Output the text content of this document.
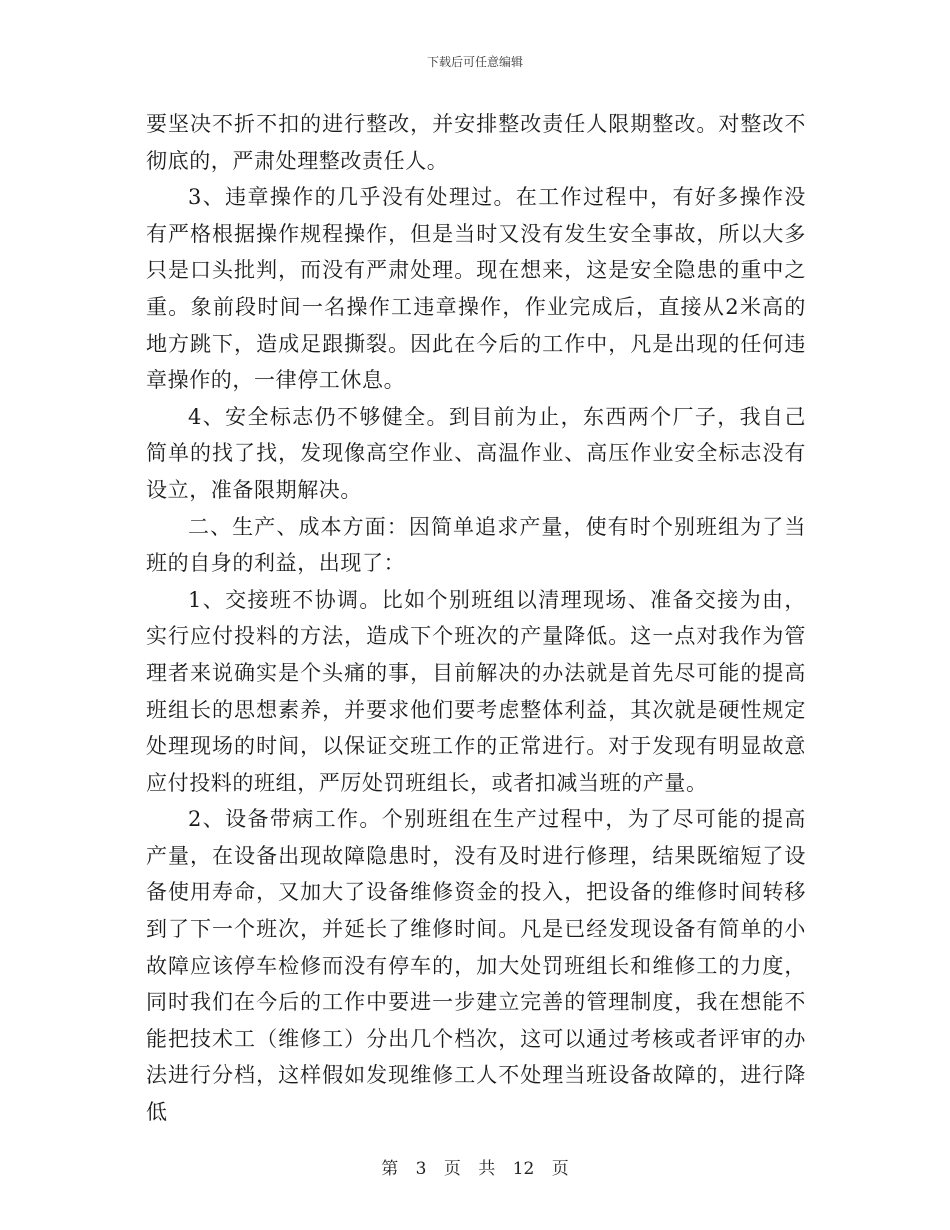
下载后可任意编辑

要坚决不折不扣的进行整改，并安排整改责任人限期整改。对整改不彻底的，严肃处理整改责任人。

3、违章操作的几乎没有处理过。在工作过程中，有好多操作没有严格根据操作规程操作，但是当时又没有发生安全事故，所以大多只是口头批判，而没有严肃处理。现在想来，这是安全隐患的重中之重。象前段时间一名操作工违章操作，作业完成后，直接从2米高的地方跳下，造成足跟撕裂。因此在今后的工作中，凡是出现的任何违章操作的，一律停工休息。

4、安全标志仍不够健全。到目前为止，东西两个厂子，我自己简单的找了找，发现像高空作业、高温作业、高压作业安全标志没有设立，准备限期解决。

二、生产、成本方面：因简单追求产量，使有时个别班组为了当班的自身的利益，出现了：

1、交接班不协调。比如个别班组以清理现场、准备交接为由，实行应付投料的方法，造成下个班次的产量降低。这一点对我作为管理者来说确实是个头痛的事，目前解决的办法就是首先尽可能的提高班组长的思想素养，并要求他们要考虑整体利益，其次就是硬性规定处理现场的时间，以保证交班工作的正常进行。对于发现有明显故意应付投料的班组，严厉处罚班组长，或者扣减当班的产量。

2、设备带病工作。个别班组在生产过程中，为了尽可能的提高产量，在设备出现故障隐患时，没有及时进行修理，结果既缩短了设备使用寿命，又加大了设备维修资金的投入，把设备的维修时间转移到了下一个班次，并延长了维修时间。凡是已经发现设备有简单的小故障应该停车检修而没有停车的，加大处罚班组长和维修工的力度，同时我们在今后的工作中要进一步建立完善的管理制度，我在想能不能把技术工（维修工）分出几个档次，这可以通过考核或者评审的办法进行分档，这样假如发现维修工人不处理当班设备故障的，进行降低

第 3 页 共 12 页
